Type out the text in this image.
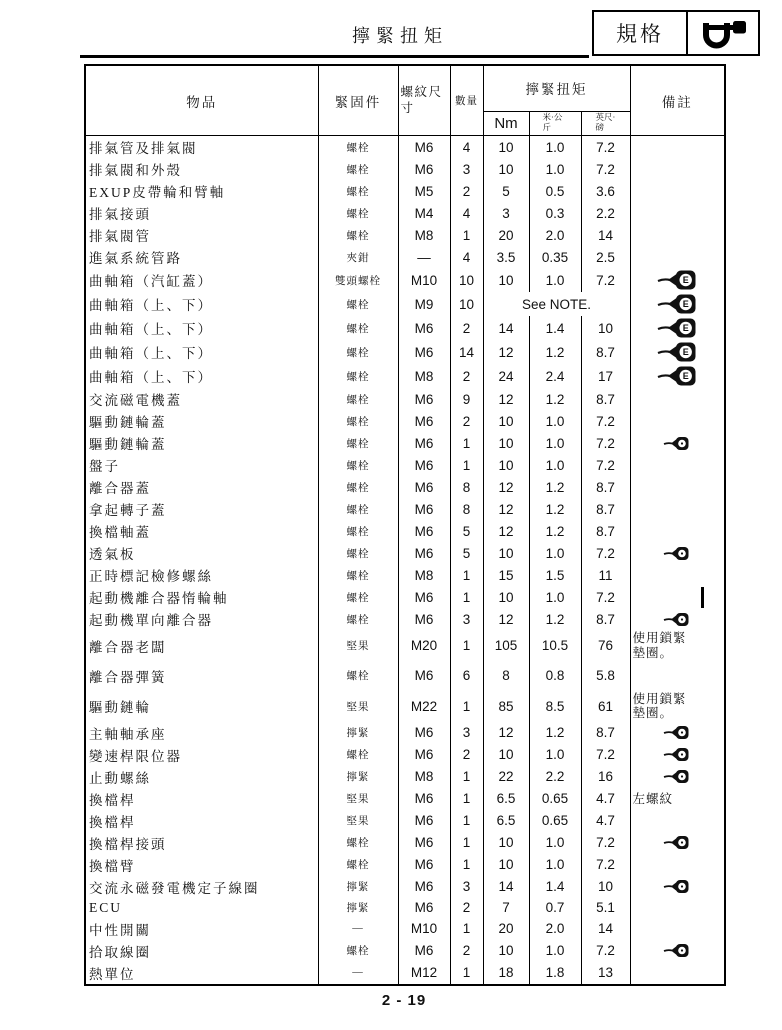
擰緊扭矩	規格
物品	緊固件	螺紋尺寸	數量	擰緊扭矩			備註
				Nm	米·公斤	英尺·磅	
排氣管及排氣閥	螺栓	M6	4	10	1.0	7.2	
排氣閥和外殼	螺栓	M6	3	10	1.0	7.2	
EXUP皮帶輪和臂軸	螺栓	M5	2	5	0.5	3.6	
排氣接頭	螺栓	M4	4	3	0.3	2.2	
排氣閥管	螺栓	M8	1	20	2.0	14	
進氣系統管路	夾鉗	—	4	3.5	0.35	2.5	
曲軸箱（汽缸蓋）	雙頭螺栓	M10	10	10	1.0	7.2	E

曲軸箱（上、下）	螺栓	M9	10	See NOTE.			E

曲軸箱（上、下）	螺栓	M6	2	14	1.4	10	E

曲軸箱（上、下）	螺栓	M6	14	12	1.2	8.7	E

曲軸箱（上、下）	螺栓	M8	2	24	2.4	17	E

交流磁電機蓋	螺栓	M6	9	12	1.2	8.7	
驅動鏈輪蓋	螺栓	M6	2	10	1.0	7.2	
驅動鏈輪蓋	螺栓	M6	1	10	1.0	7.2	
盤子	螺栓	M6	1	10	1.0	7.2	
離合器蓋	螺栓	M6	8	12	1.2	8.7	
拿起轉子蓋	螺栓	M6	8	12	1.2	8.7	
換檔軸蓋	螺栓	M6	5	12	1.2	8.7	
透氣板	螺栓	M6	5	10	1.0	7.2	
正時標記檢修螺絲	螺栓	M8	1	15	1.5	11	
起動機離合器惰輪軸	螺栓	M6	1	10	1.0	7.2	
起動機單向離合器	螺栓	M6	3	12	1.2	8.7	
離合器老闆	堅果	M20	1	105	10.5	76	使用鎖緊墊圈。
離合器彈簧	螺栓	M6	6	8	0.8	5.8	
驅動鏈輪	堅果	M22	1	85	8.5	61	使用鎖緊墊圈。
主軸軸承座	擰緊	M6	3	12	1.2	8.7	
變速桿限位器	螺栓	M6	2	10	1.0	7.2	
止動螺絲	擰緊	M8	1	22	2.2	16	
換檔桿	堅果	M6	1	6.5	0.65	4.7	左螺紋
換檔桿	堅果	M6	1	6.5	0.65	4.7	
換檔桿接頭	螺栓	M6	1	10	1.0	7.2	
換檔臂	螺栓	M6	1	10	1.0	7.2	
交流永磁發電機定子線圈	擰緊	M6	3	14	1.4	10	
ECU	擰緊	M6	2	7	0.7	5.1	
中性開關	—	M10	1	20	2.0	14	
拾取線圈	螺栓	M6	2	10	1.0	7.2	
熱單位	—	M12	1	18	1.8	13	
2 - 19
